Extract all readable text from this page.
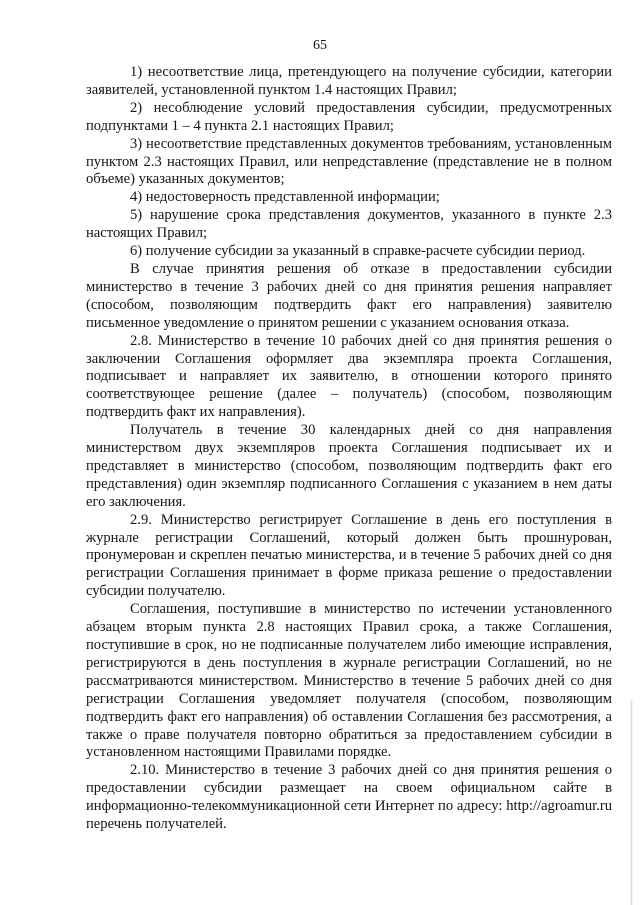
65

1) несоответствие лица, претендующего на получение субсидии, категории заявителей, установленной пунктом 1.4 настоящих Правил;

2) несоблюдение условий предоставления субсидии, предусмотренных подпунктами 1 – 4 пункта 2.1 настоящих Правил;

3) несоответствие представленных документов требованиям, установленным пунктом 2.3 настоящих Правил, или непредставление (представление не в полном объеме) указанных документов;

4) недостоверность представленной информации;

5) нарушение срока представления документов, указанного в пункте 2.3 настоящих Правил;

6) получение субсидии за указанный в справке-расчете субсидии период.

В случае принятия решения об отказе в предоставлении субсидии министерство в течение 3 рабочих дней со дня принятия решения направляет (способом, позволяющим подтвердить факт его направления) заявителю письменное уведомление о принятом решении с указанием основания отказа.

2.8. Министерство в течение 10 рабочих дней со дня принятия решения о заключении Соглашения оформляет два экземпляра проекта Соглашения, подписывает и направляет их заявителю, в отношении которого принято соответствующее решение (далее – получатель) (способом, позволяющим подтвердить факт их направления).

Получатель в течение 30 календарных дней со дня направления министерством двух экземпляров проекта Соглашения подписывает их и представляет в министерство (способом, позволяющим подтвердить факт его представления) один экземпляр подписанного Соглашения с указанием в нем даты его заключения.

2.9. Министерство регистрирует Соглашение в день его поступления в журнале регистрации Соглашений, который должен быть прошнурован, пронумерован и скреплен печатью министерства, и в течение 5 рабочих дней со дня регистрации Соглашения принимает в форме приказа решение о предоставлении субсидии получателю.

Соглашения, поступившие в министерство по истечении установленного абзацем вторым пункта 2.8 настоящих Правил срока, а также Соглашения, поступившие в срок, но не подписанные получателем либо имеющие исправления, регистрируются в день поступления в журнале регистрации Соглашений, но не рассматриваются министерством. Министерство в течение 5 рабочих дней со дня регистрации Соглашения уведомляет получателя (способом, позволяющим подтвердить факт его направления) об оставлении Соглашения без рассмотрения, а также о праве получателя повторно обратиться за предоставлением субсидии в установленном настоящими Правилами порядке.

2.10. Министерство в течение 3 рабочих дней со дня принятия решения о предоставлении субсидии размещает на своем официальном сайте в информационно-телекоммуникационной сети Интернет по адресу: http://agroamur.ru перечень получателей.
